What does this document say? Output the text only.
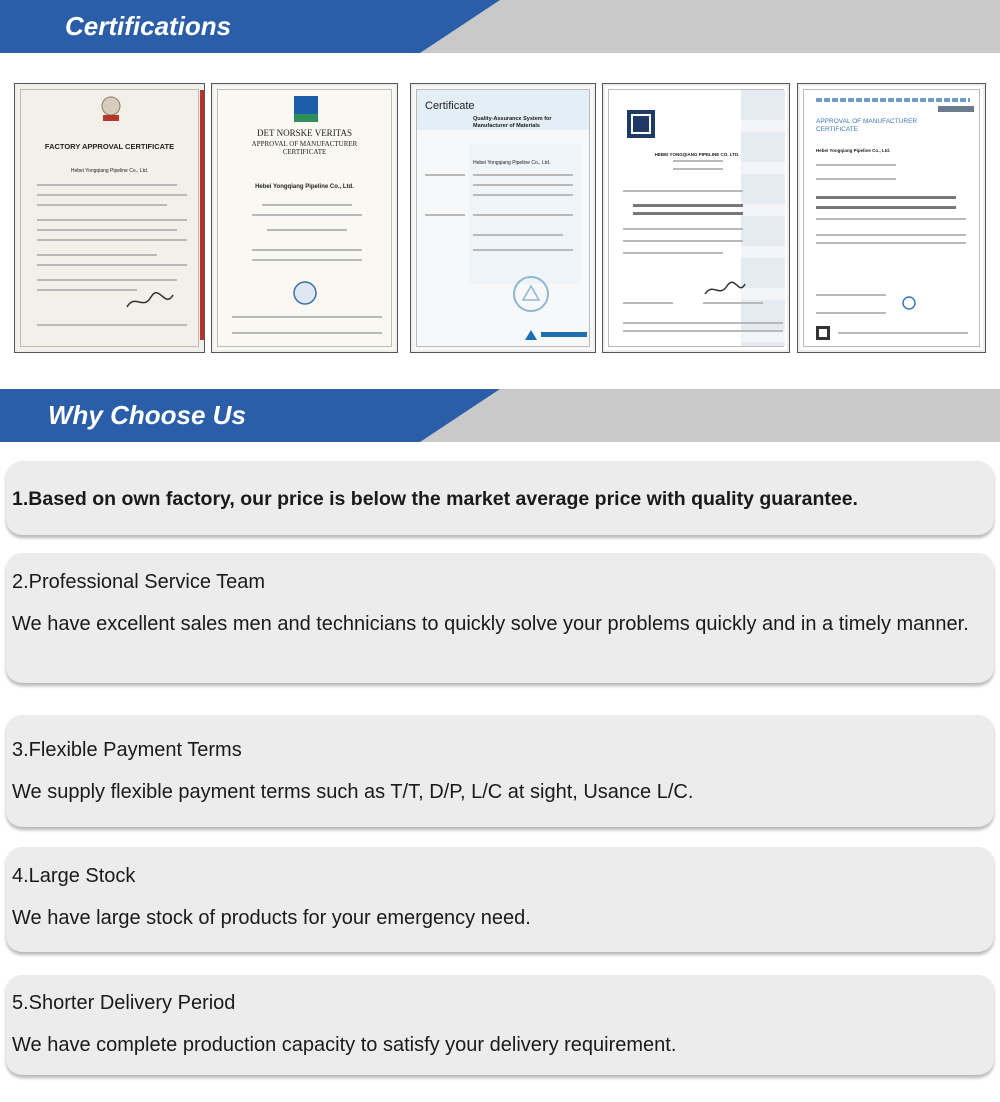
Certifications
FACTORY APPROVAL CERTIFICATE
Hebei Yongqiang Pipeline Co., Ltd.
DET NORSKE VERITAS
APPROVAL OF MANUFACTURER CERTIFICATE
Hebei Yongqiang Pipeline Co., Ltd.
Certificate
Quality-Assurance System for Manufacturer of Materials
Hebei Yongqiang Pipeline Co., Ltd.
HEBEI YONGQIANG PIPELINE CO. LTD.
APPROVAL OF MANUFACTURER CERTIFICATE
Hebei Yongqiang Pipeline Co., Ltd.
Why Choose Us
1.Based on own factory, our price is below the market average price with quality guarantee.
2.Professional Service Team
We have excellent sales men and technicians to quickly solve your problems quickly and in a timely manner.
3.Flexible Payment Terms
We supply flexible payment terms such as T/T, D/P, L/C at sight, Usance L/C.
4.Large Stock
We have large stock of products for your emergency need.
5.Shorter Delivery Period
We have complete production capacity to satisfy your delivery requirement.
